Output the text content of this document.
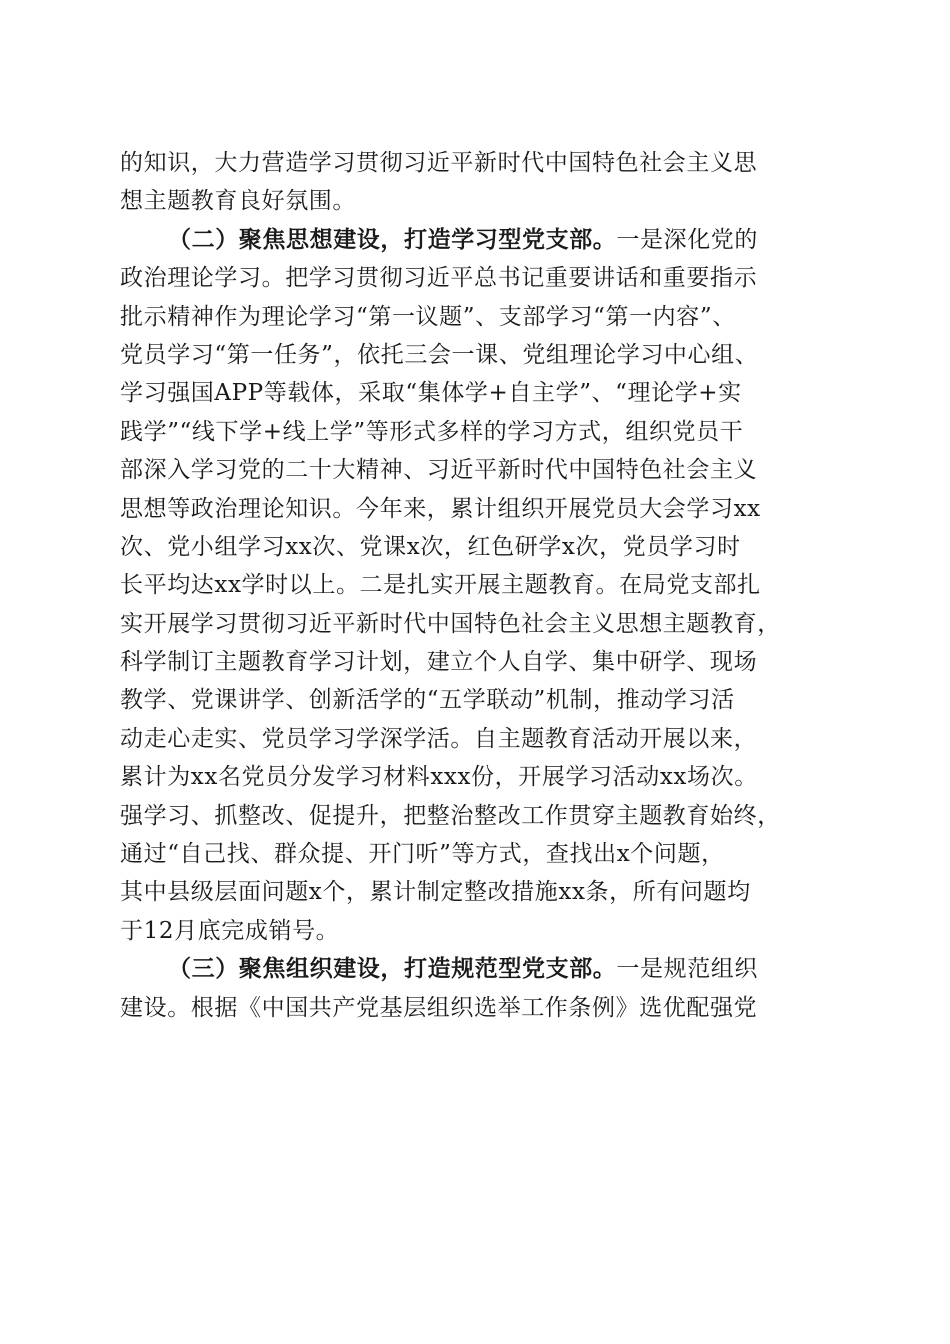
的知识，大力营造学习贯彻习近平新时代中国特色社会主义思
想主题教育良好氛围。
（二）聚焦思想建设，打造学习型党支部。一是深化党的
政治理论学习。把学习贯彻习近平总书记重要讲话和重要指示
批示精神作为理论学习“第一议题”、支部学习“第一内容”、
党员学习“第一任务”，依托三会一课、党组理论学习中心组、
学习强国APP等载体，采取“集体学+自主学”、“理论学+实
践学”“线下学+线上学”等形式多样的学习方式，组织党员干
部深入学习党的二十大精神、习近平新时代中国特色社会主义
思想等政治理论知识。今年来，累计组织开展党员大会学习xx
次、党小组学习xx次、党课x次，红色研学x次，党员学习时
长平均达xx学时以上。二是扎实开展主题教育。在局党支部扎
实开展学习贯彻习近平新时代中国特色社会主义思想主题教育，
科学制订主题教育学习计划，建立个人自学、集中研学、现场
教学、党课讲学、创新活学的“五学联动”机制，推动学习活
动走心走实、党员学习学深学活。自主题教育活动开展以来，
累计为xx名党员分发学习材料xxx份，开展学习活动xx场次。
强学习、抓整改、促提升，把整治整改工作贯穿主题教育始终，
通过“自己找、群众提、开门听”等方式，查找出x个问题，
其中县级层面问题x个，累计制定整改措施xx条，所有问题均
于12月底完成销号。
（三）聚焦组织建设，打造规范型党支部。一是规范组织
建设。根据《中国共产党基层组织选举工作条例》选优配强党
